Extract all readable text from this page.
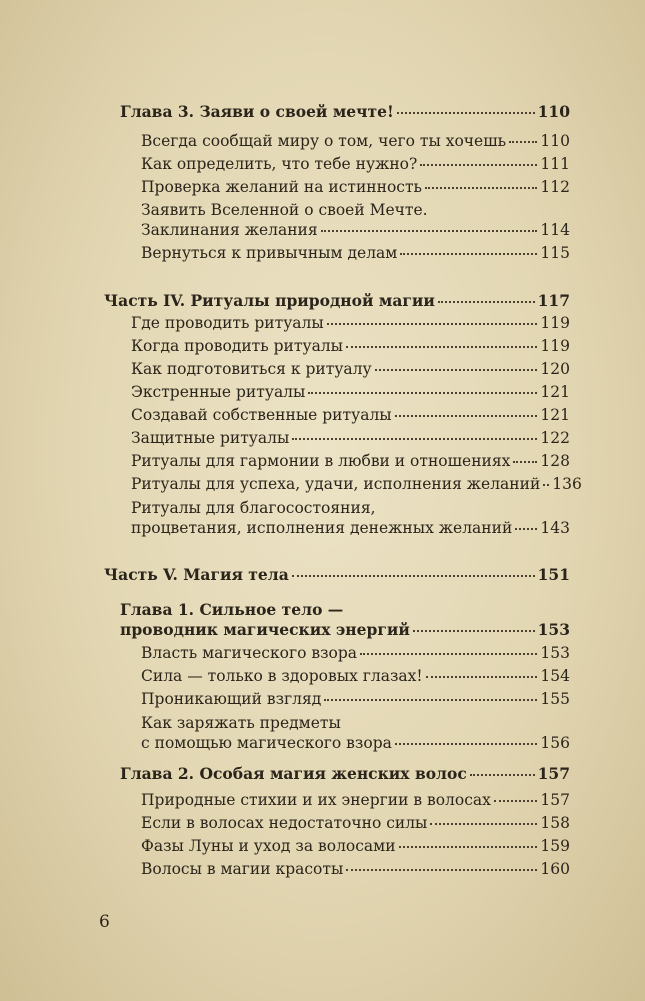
Глава 3. Заяви о своей мечте!	110
Всегда сообщай миру о том, чего ты хочешь 110
Как определить, что тебе нужно?	111
Проверка желаний на истинность	112
Заявить Вселенной о своей Мечте.
Заклинания желания	114
Вернуться к привычным делам	115
Часть IV. Ритуалы природной магии	117
Где проводить ритуалы	119
Когда проводить ритуалы	119
Как подготовиться к ритуалу	120
Экстренные ритуалы	121
Создавай собственные ритуалы	121
Защитные ритуалы	122
Ритуалы для гармонии в любви и отношениях 128
Ритуалы для успеха, удачи, исполнения желаний 136
Ритуалы для благосостояния,
процветания, исполнения денежных желаний 143
Часть V. Магия тела	151
Глава 1. Сильное тело —
проводник магических энергий	153
Власть магического взора	153
Сила — только в здоровых глазах!	154
Проникающий взгляд	155
Как заряжать предметы
с помощью магического взора	156
Глава 2. Особая магия женских волос	157
Природные стихии и их энергии в волосах	157
Если в волосах недостаточно силы	158
Фазы Луны и уход за волосами	159
Волосы в магии красоты	160
6
